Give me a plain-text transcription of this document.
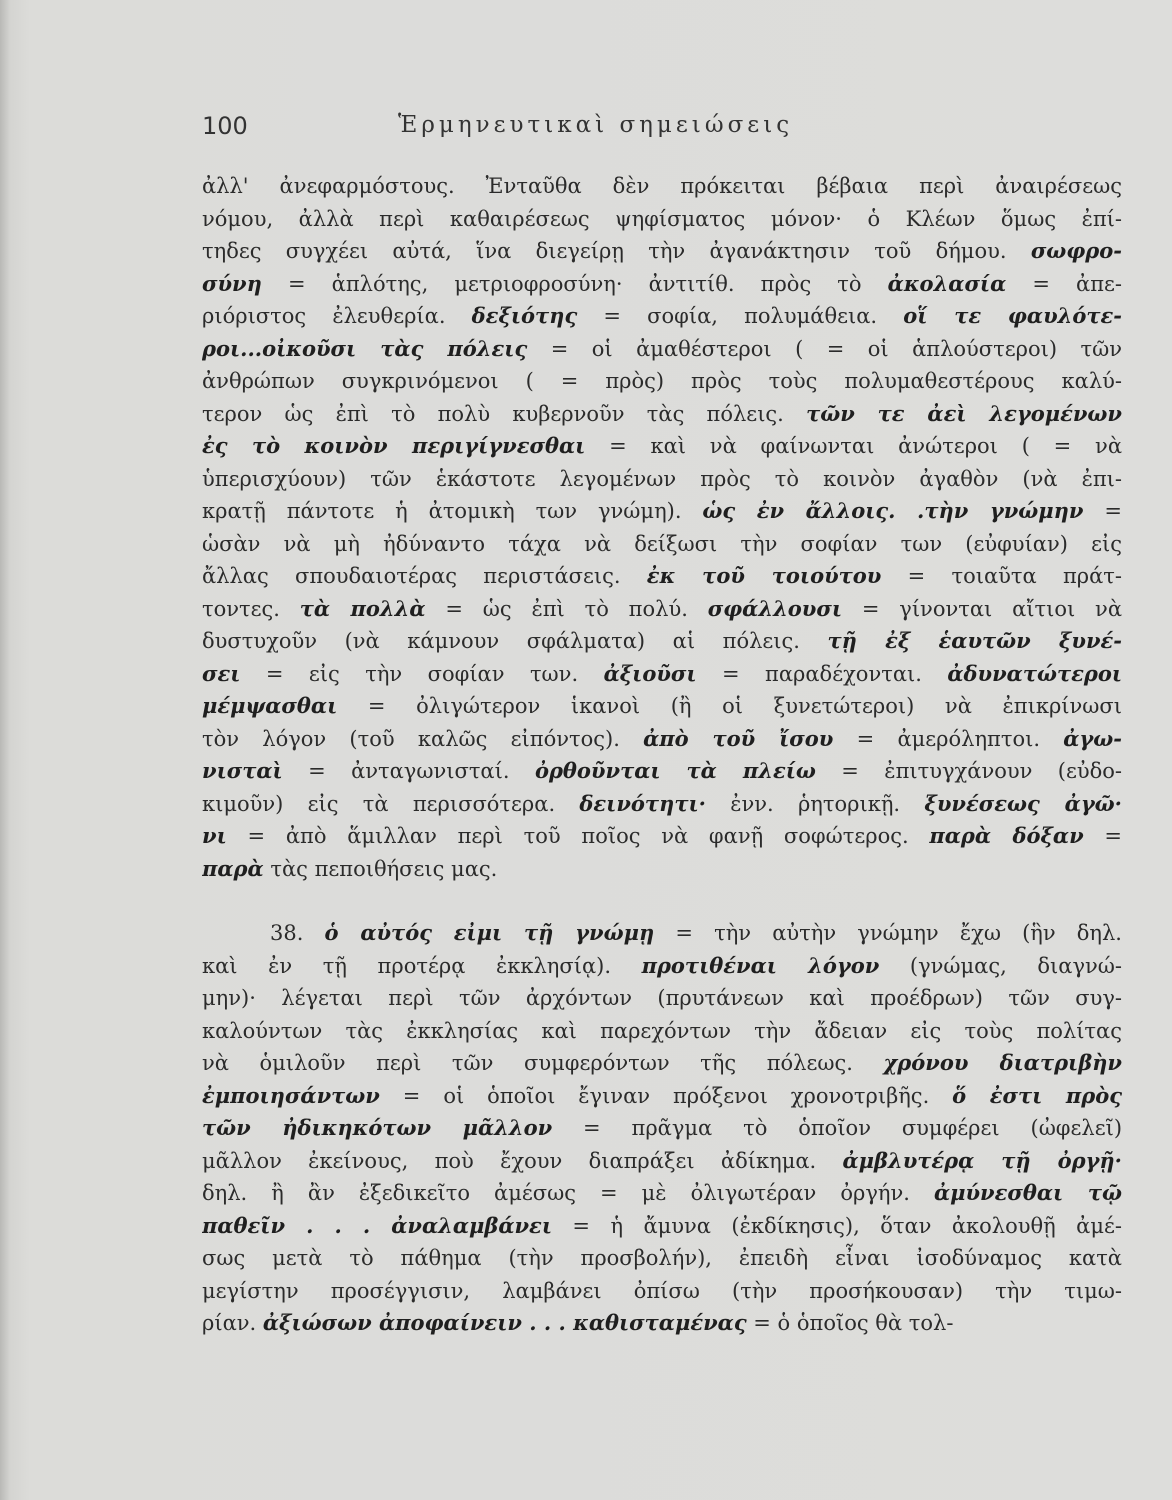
100	Ἑρμηνευτικαὶ σημειώσεις
ἀλλ' ἀνεφαρμόστους. Ἐνταῦθα δὲν πρόκειται βέβαια περὶ ἀναιρέσεως
νόμου, ἀλλὰ περὶ καθαιρέσεως ψηφίσματος μόνον· ὁ Κλέων ὅμως ἐπί-
τηδες συγχέει αὐτά, ἵνα διεγείρῃ τὴν ἀγανάκτησιν τοῦ δήμου. σωφρο-
σύνη = ἁπλότης, μετριοφροσύνη· ἀντιτίθ. πρὸς τὸ ἀκολασία = ἀπε-
ριόριστος ἐλευθερία. δεξιότης = σοφία, πολυμάθεια. οἵ τε φαυλότε-
ροι...οἰκοῦσι τὰς πόλεις = οἱ ἀμαθέστεροι ( = οἱ ἁπλούστεροι) τῶν
ἀνθρώπων συγκρινόμενοι ( = πρὸς) πρὸς τοὺς πολυμαθεστέρους καλύ-
τερον ὡς ἐπὶ τὸ πολὺ κυβερνοῦν τὰς πόλεις. τῶν τε ἀεὶ λεγομένων
ἐς τὸ κοινὸν περιγίγνεσθαι = καὶ νὰ φαίνωνται ἀνώτεροι ( = νὰ
ὑπερισχύουν) τῶν ἑκάστοτε λεγομένων πρὸς τὸ κοινὸν ἀγαθὸν (νὰ ἐπι-
κρατῇ πάντοτε ἡ ἀτομικὴ των γνώμη). ὡς ἐν ἄλλοις. .τὴν γνώμην =
ὡσὰν νὰ μὴ ἠδύναντο τάχα νὰ δείξωσι τὴν σοφίαν των (εὐφυίαν) εἰς
ἄλλας σπουδαιοτέρας περιστάσεις. ἐκ τοῦ τοιούτου = τοιαῦτα πράτ-
τοντες. τὰ πολλὰ = ὡς ἐπὶ τὸ πολύ. σφάλλουσι = γίνονται αἴτιοι νὰ
δυστυχοῦν (νὰ κάμνουν σφάλματα) αἱ πόλεις. τῇ ἐξ ἑαυτῶν ξυνέ-
σει = εἰς τὴν σοφίαν των. ἀξιοῦσι = παραδέχονται. ἀδυνατώτεροι
μέμψασθαι = ὀλιγώτερον ἱκανοὶ (ἢ οἱ ξυνετώτεροι) νὰ ἐπικρίνωσι
τὸν λόγον (τοῦ καλῶς εἰπόντος). ἀπὸ τοῦ ἴσου = ἀμερόληπτοι. ἀγω-
νισταὶ = ἀνταγωνισταί. ὀρθοῦνται τὰ πλείω = ἐπιτυγχάνουν (εὐδο-
κιμοῦν) εἰς τὰ περισσότερα. δεινότητι· ἐνν. ῥητορικῇ. ξυνέσεως ἀγῶ·
νι = ἀπὸ ἅμιλλαν περὶ τοῦ ποῖος νὰ φανῇ σοφώτερος. παρὰ δόξαν =
παρὰ τὰς πεποιθήσεις μας.
38. ὁ αὐτός εἰμι τῇ γνώμῃ = τὴν αὐτὴν γνώμην ἔχω (ἣν δηλ.
καὶ ἐν τῇ προτέρᾳ ἐκκλησίᾳ). προτιθέναι λόγον (γνώμας, διαγνώ-
μην)· λέγεται περὶ τῶν ἀρχόντων (πρυτάνεων καὶ προέδρων) τῶν συγ-
καλούντων τὰς ἐκκλησίας καὶ παρεχόντων τὴν ἄδειαν εἰς τοὺς πολίτας
νὰ ὁμιλοῦν περὶ τῶν συμφερόντων τῆς πόλεως. χρόνου διατριβὴν
ἐμποιησάντων = οἱ ὁποῖοι ἔγιναν πρόξενοι χρονοτριβῆς. ὅ ἐστι πρὸς
τῶν ἠδικηκότων μᾶλλον = πρᾶγμα τὸ ὁποῖον συμφέρει (ὠφελεῖ)
μᾶλλον ἐκείνους, ποὺ ἔχουν διαπράξει ἀδίκημα. ἀμβλυτέρᾳ τῇ ὀργῇ·
δηλ. ἢ ἂν ἐξεδικεῖτο ἀμέσως = μὲ ὀλιγωτέραν ὀργήν. ἀμύνεσθαι τῷ
παθεῖν . . . ἀναλαμβάνει = ἡ ἄμυνα (ἐκδίκησις), ὅταν ἀκολουθῇ ἀμέ-
σως μετὰ τὸ πάθημα (τὴν προσβολήν), ἐπειδὴ εἶναι ἰσοδύναμος κατὰ
μεγίστην προσέγγισιν, λαμβάνει ὀπίσω (τὴν προσήκουσαν) τὴν τιμω-
ρίαν. ἀξιώσων ἀποφαίνειν . . . καθισταμένας = ὁ ὁποῖος θὰ τολ-
